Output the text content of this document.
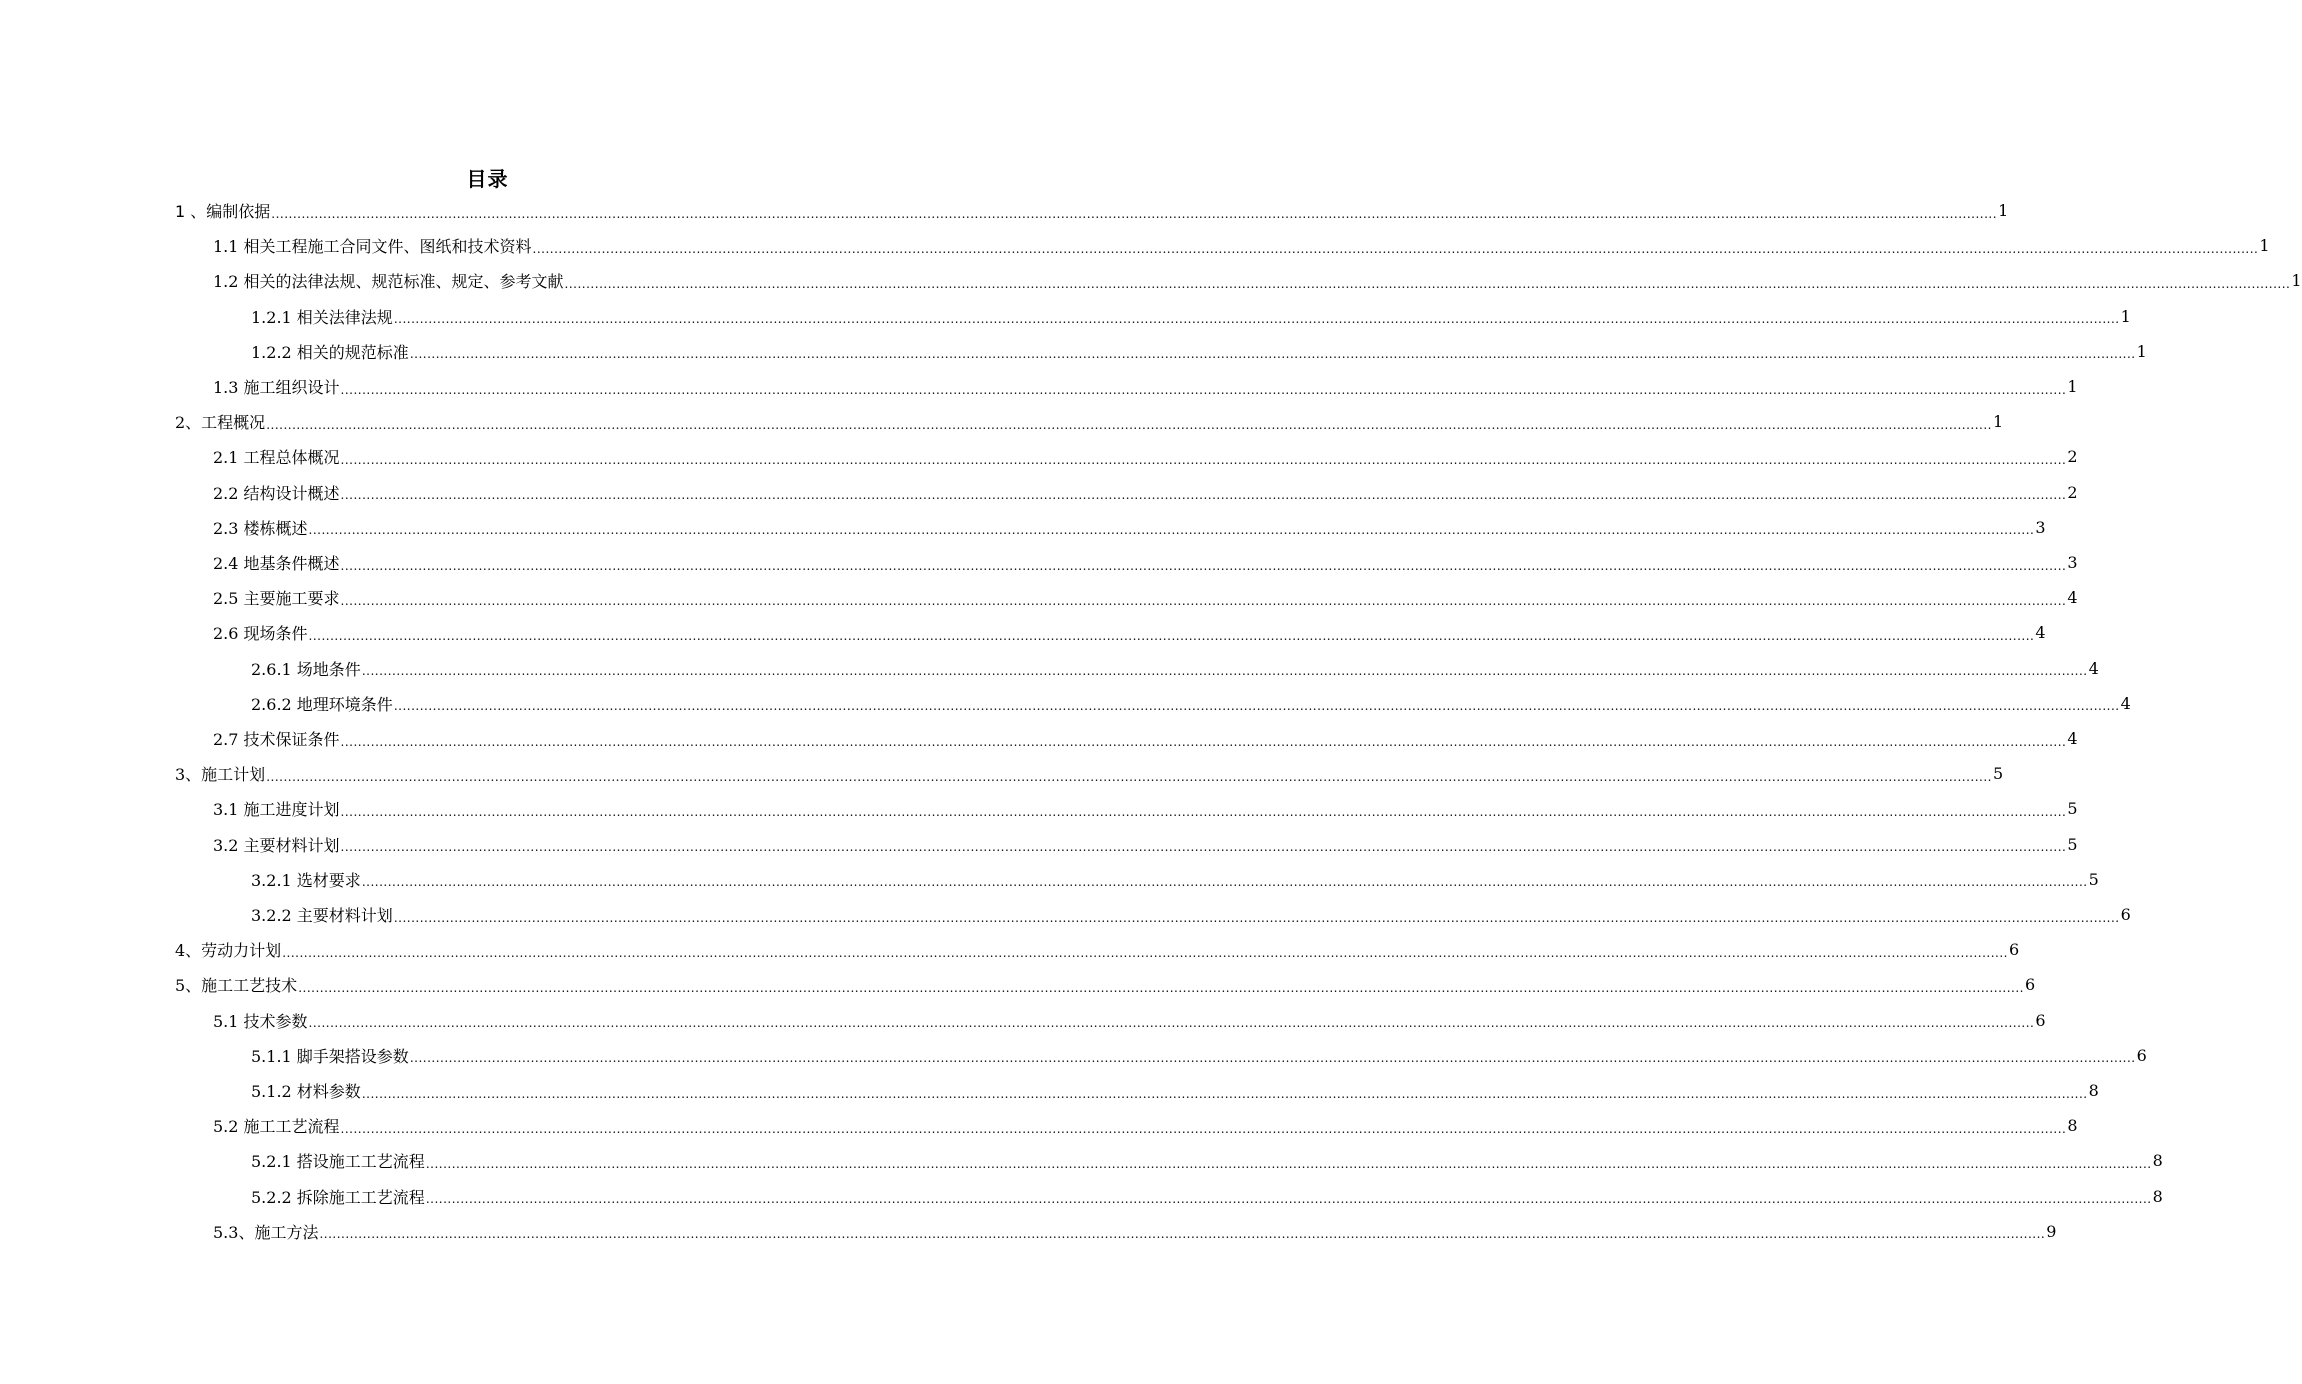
目录
1 、编制依据 ................................................................................................................................................................................................................................................................................................................................................................................................................ 1
1.1 相关工程施工合同文件、图纸和技术资料 ................................................................................................................................................................................................................................................................................................................................................................................................................ 1
1.2 相关的法律法规、规范标准、规定、参考文献 ................................................................................................................................................................................................................................................................................................................................................................................................................ 1
1.2.1 相关法律法规 ................................................................................................................................................................................................................................................................................................................................................................................................................ 1
1.2.2 相关的规范标准 ................................................................................................................................................................................................................................................................................................................................................................................................................ 1
1.3 施工组织设计 ................................................................................................................................................................................................................................................................................................................................................................................................................ 1
2、工程概况 ................................................................................................................................................................................................................................................................................................................................................................................................................ 1
2.1 工程总体概况 ................................................................................................................................................................................................................................................................................................................................................................................................................ 2
2.2 结构设计概述 ................................................................................................................................................................................................................................................................................................................................................................................................................ 2
2.3 楼栋概述 ................................................................................................................................................................................................................................................................................................................................................................................................................ 3
2.4 地基条件概述 ................................................................................................................................................................................................................................................................................................................................................................................................................ 3
2.5 主要施工要求 ................................................................................................................................................................................................................................................................................................................................................................................................................ 4
2.6 现场条件 ................................................................................................................................................................................................................................................................................................................................................................................................................ 4
2.6.1 场地条件 ................................................................................................................................................................................................................................................................................................................................................................................................................ 4
2.6.2 地理环境条件 ................................................................................................................................................................................................................................................................................................................................................................................................................ 4
2.7 技术保证条件 ................................................................................................................................................................................................................................................................................................................................................................................................................ 4
3、施工计划 ................................................................................................................................................................................................................................................................................................................................................................................................................ 5
3.1 施工进度计划 ................................................................................................................................................................................................................................................................................................................................................................................................................ 5
3.2 主要材料计划 ................................................................................................................................................................................................................................................................................................................................................................................................................ 5
3.2.1 选材要求 ................................................................................................................................................................................................................................................................................................................................................................................................................ 5
3.2.2 主要材料计划 ................................................................................................................................................................................................................................................................................................................................................................................................................ 6
4、劳动力计划 ................................................................................................................................................................................................................................................................................................................................................................................................................ 6
5、施工工艺技术 ................................................................................................................................................................................................................................................................................................................................................................................................................ 6
5.1 技术参数 ................................................................................................................................................................................................................................................................................................................................................................................................................ 6
5.1.1 脚手架搭设参数 ................................................................................................................................................................................................................................................................................................................................................................................................................ 6
5.1.2 材料参数 ................................................................................................................................................................................................................................................................................................................................................................................................................ 8
5.2 施工工艺流程 ................................................................................................................................................................................................................................................................................................................................................................................................................ 8
5.2.1 搭设施工工艺流程 ................................................................................................................................................................................................................................................................................................................................................................................................................ 8
5.2.2 拆除施工工艺流程 ................................................................................................................................................................................................................................................................................................................................................................................................................ 8
5.3、施工方法 ................................................................................................................................................................................................................................................................................................................................................................................................................ 9
